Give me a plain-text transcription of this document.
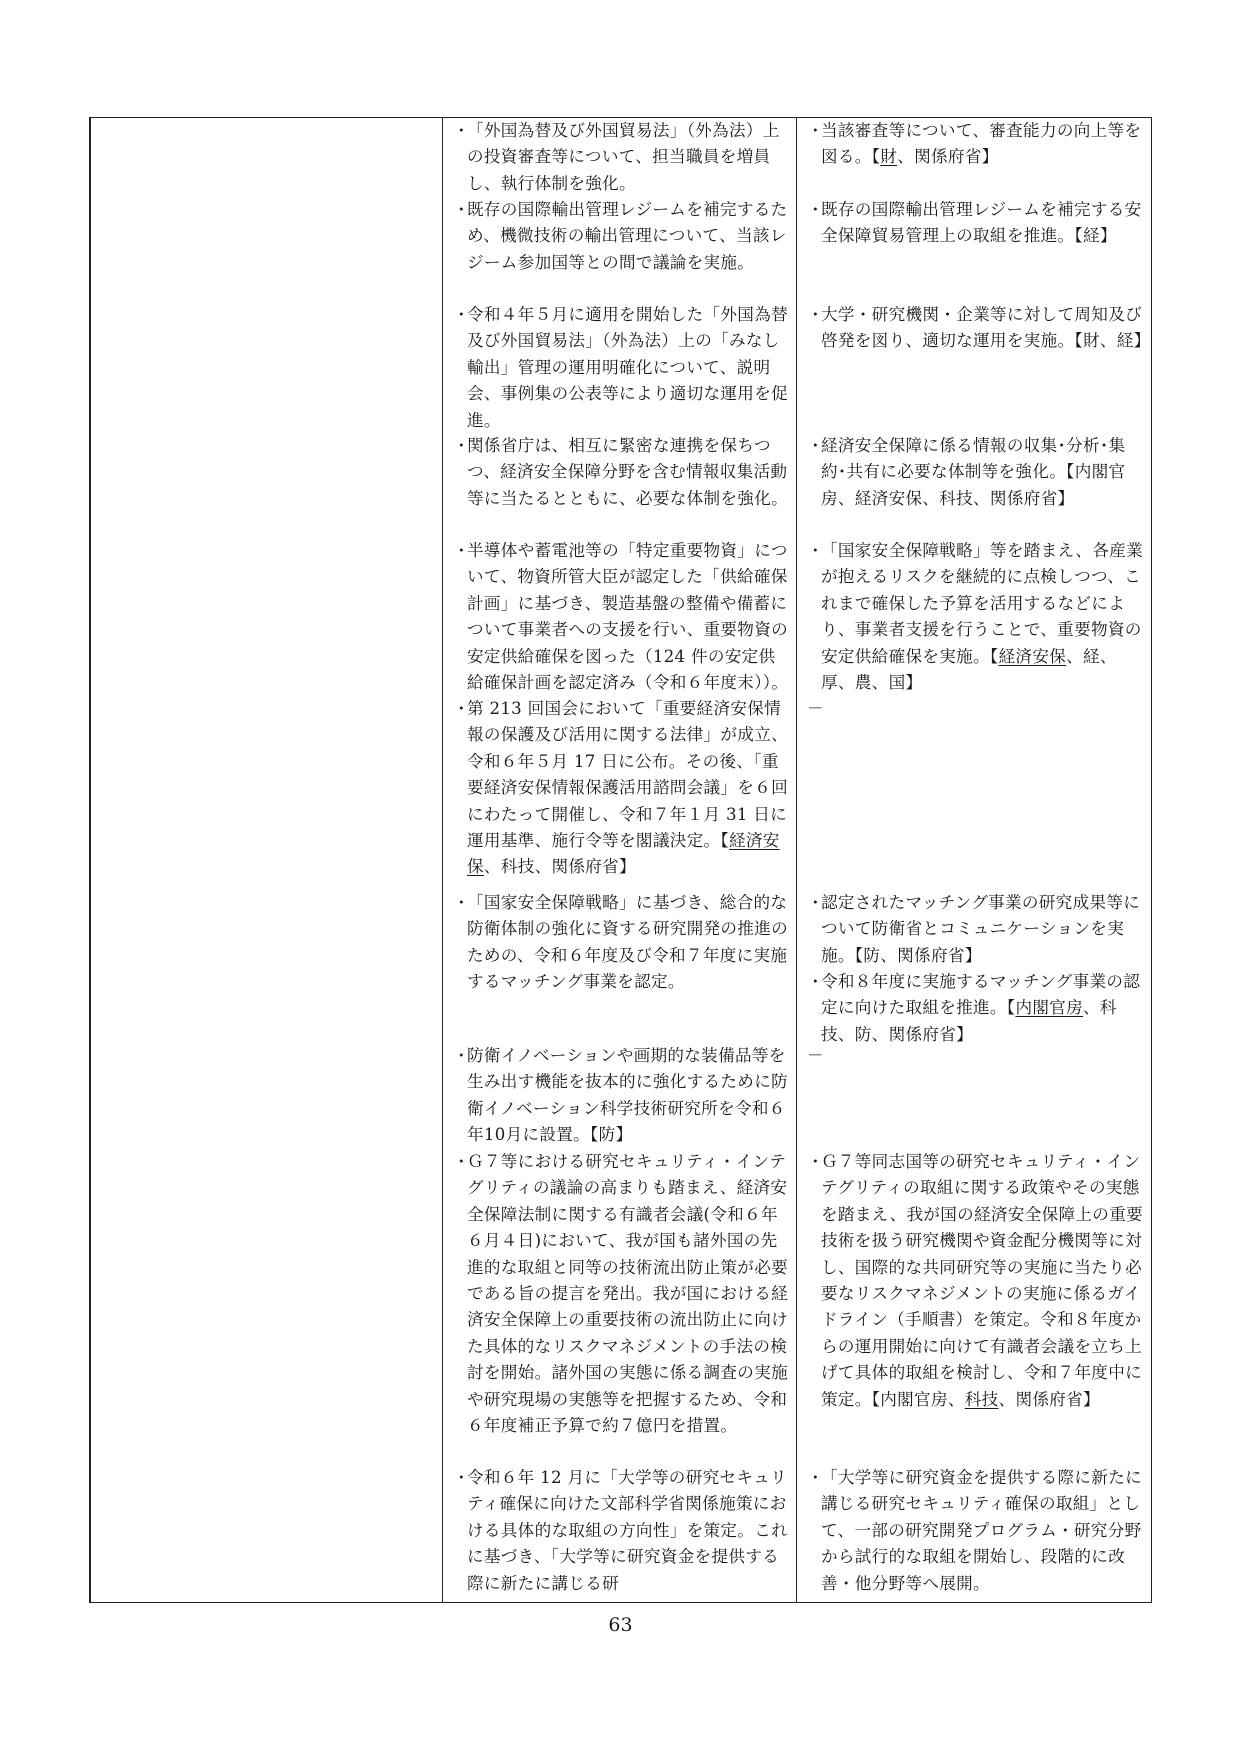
・
「外国為替及び外国貿易法」（外為法）上の投資審査等について、担当職員を増員し、執行体制を強化。
・
既存の国際輸出管理レジームを補完するため、機微技術の輸出管理について、当該レジーム参加国等との間で議論を実施。
・
令和４年５月に適用を開始した「外国為替及び外国貿易法」（外為法）上の「みなし輸出」管理の運用明確化について、説明会、事例集の公表等により適切な運用を促進。
・
関係省庁は、相互に緊密な連携を保ちつつ、経済安全保障分野を含む情報収集活動等に当たるとともに、必要な体制を強化。
・
半導体や蓄電池等の「特定重要物資」について、物資所管大臣が認定した「供給確保計画」に基づき、製造基盤の整備や備蓄について事業者への支援を行い、重要物資の安定供給確保を図った（124 件の安定供給確保計画を認定済み（令和６年度末））。
・
第 213 回国会において「重要経済安保情報の保護及び活用に関する法律」が成立、令和６年５月 17 日に公布。その後、「重要経済安保情報保護活用諮問会議」を６回にわたって開催し、令和７年１月 31 日に運用基準、施行令等を閣議決定。【経済安保、科技、関係府省】
・
「国家安全保障戦略」に基づき、総合的な防衛体制の強化に資する研究開発の推進のための、令和６年度及び令和７年度に実施するマッチング事業を認定。
・
防衛イノベーションや画期的な装備品等を生み出す機能を抜本的に強化するために防衛イノベーション科学技術研究所を令和６年10月に設置。【防】
・
Ｇ７等における研究セキュリティ・インテグリティの議論の高まりも踏まえ、経済安全保障法制に関する有識者会議(令和６年６月４日)において、我が国も諸外国の先進的な取組と同等の技術流出防止策が必要である旨の提言を発出。我が国における経済安全保障上の重要技術の流出防止に向けた具体的なリスクマネジメントの手法の検討を開始。諸外国の実態に係る調査の実施や研究現場の実態等を把握するため、令和６年度補正予算で約７億円を措置。
・
令和６年 12 月に「大学等の研究セキュリティ確保に向けた文部科学省関係施策における具体的な取組の方向性」を策定。これに基づき、「大学等に研究資金を提供する際に新たに講じる研
・
当該審査等について、審査能力の向上等を図る。【財、関係府省】
・
既存の国際輸出管理レジームを補完する安全保障貿易管理上の取組を推進。【経】
・
大学・研究機関・企業等に対して周知及び啓発を図り、適切な運用を実施。【財、経】
・
経済安全保障に係る情報の収集･分析･集約･共有に必要な体制等を強化。【内閣官房、経済安保、科技、関係府省】
・
「国家安全保障戦略」等を踏まえ、各産業が抱えるリスクを継続的に点検しつつ、これまで確保した予算を活用するなどにより、事業者支援を行うことで、重要物資の安定供給確保を実施。【経済安保、経、厚、農、国】
－
・
認定されたマッチング事業の研究成果等について防衛省とコミュニケーションを実施。【防、関係府省】
・
令和８年度に実施するマッチング事業の認定に向けた取組を推進。【内閣官房、科技、防、関係府省】
－
・
Ｇ７等同志国等の研究セキュリティ・インテグリティの取組に関する政策やその実態を踏まえ、我が国の経済安全保障上の重要技術を扱う研究機関や資金配分機関等に対し、国際的な共同研究等の実施に当たり必要なリスクマネジメントの実施に係るガイドライン（手順書）を策定。令和８年度からの運用開始に向けて有識者会議を立ち上げて具体的取組を検討し、令和７年度中に策定。【内閣官房、科技、関係府省】
・
「大学等に研究資金を提供する際に新たに講じる研究セキュリティ確保の取組」として、一部の研究開発プログラム・研究分野から試行的な取組を開始し、段階的に改善・他分野等へ展開。
63
